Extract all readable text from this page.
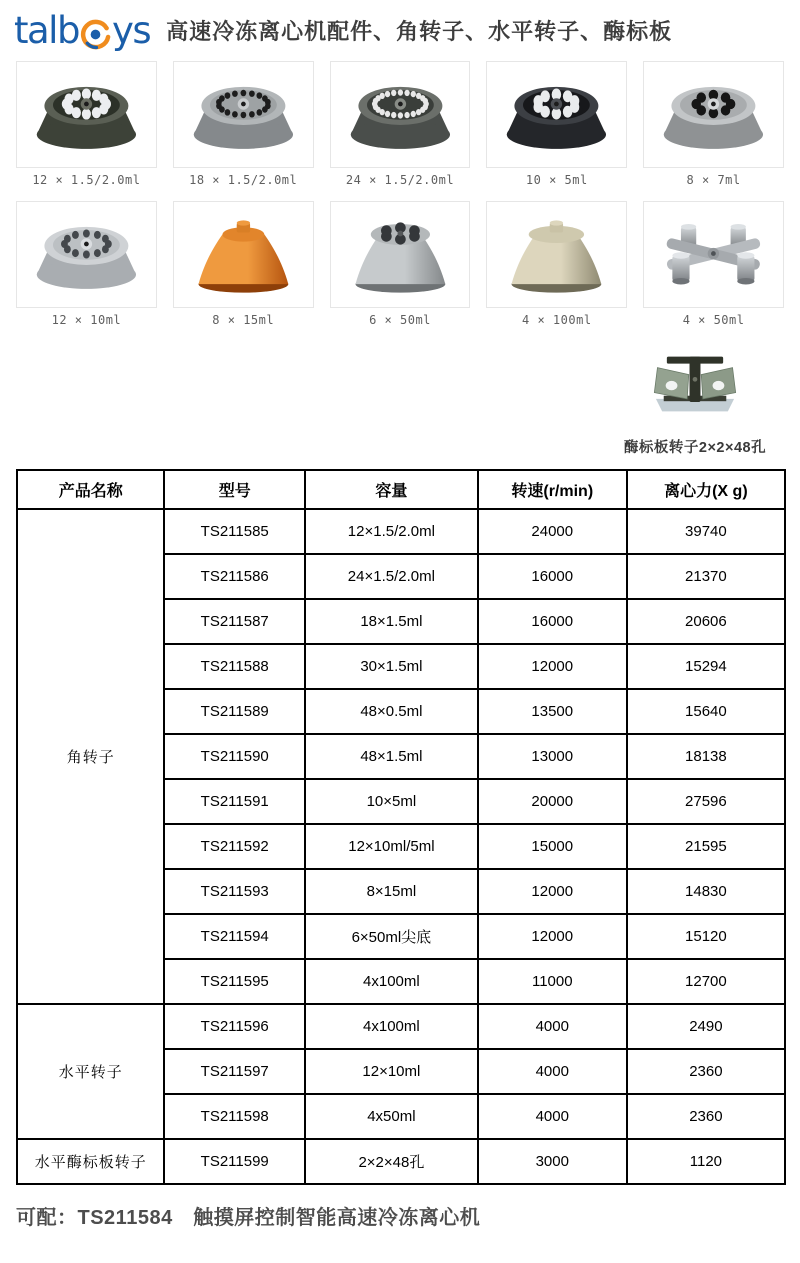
talb ys 高速冷冻离心机配件、角转子、水平转子、酶标板
12 × 1.5/2.0ml	18 × 1.5/2.0ml	24 × 1.5/2.0ml	10 × 5ml	8 × 7ml
12 × 10ml	8 × 15ml	6 × 50ml	4 × 100ml	4 × 50ml
酶标板转子2×2×48孔
产品名称	型号	容量	转速(r/min)	离心力(X g)
角转子	TS211585	12×1.5/2.0ml	24000	39740
	TS211586	24×1.5/2.0ml	16000	21370
	TS211587	18×1.5ml	16000	20606
	TS211588	30×1.5ml	12000	15294
	TS211589	48×0.5ml	13500	15640
	TS211590	48×1.5ml	13000	18138
	TS211591	10×5ml	20000	27596
	TS211592	12×10ml/5ml	15000	21595
	TS211593	8×15ml	12000	14830
	TS211594	6×50ml尖底	12000	15120
	TS211595	4x100ml	11000	12700
水平转子	TS211596	4x100ml	4000	2490
	TS211597	12×10ml	4000	2360
	TS211598	4x50ml	4000	2360
水平酶标板转子	TS211599	2×2×48孔	3000	1120
可配：TS211584　触摸屏控制智能高速冷冻离心机
